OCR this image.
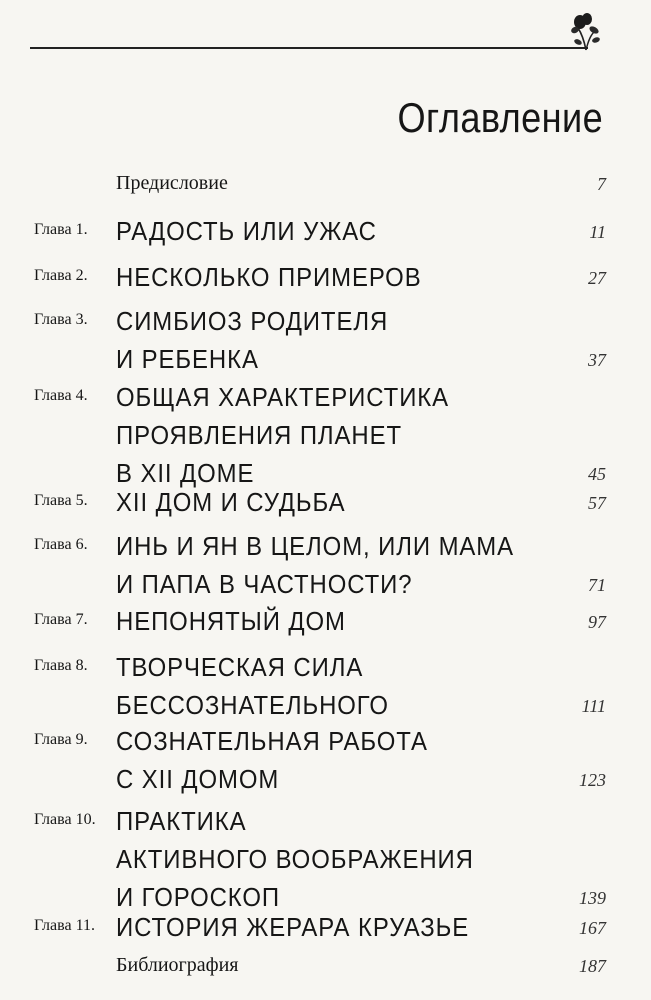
Оглавление
Предисловие	7
Глава 1. РАДОСТЬ ИЛИ УЖАС	11
Глава 2. НЕСКОЛЬКО ПРИМЕРОВ	27
Глава 3. СИМБИОЗ РОДИТЕЛЯ
И РЕБЕНКА	37
Глава 4. ОБЩАЯ ХАРАКТЕРИСТИКА
ПРОЯВЛЕНИЯ ПЛАНЕТ
В XII ДОМЕ	45
Глава 5. XII ДОМ И СУДЬБА	57
Глава 6. ИНЬ И ЯН В ЦЕЛОМ, ИЛИ МАМА
И ПАПА В ЧАСТНОСТИ?	71
Глава 7. НЕПОНЯТЫЙ ДОМ	97
Глава 8. ТВОРЧЕСКАЯ СИЛА
БЕССОЗНАТЕЛЬНОГО	111
Глава 9. СОЗНАТЕЛЬНАЯ РАБОТА
С XII ДОМОМ	123
Глава 10. ПРАКТИКА
АКТИВНОГО ВООБРАЖЕНИЯ
И ГОРОСКОП	139
Глава 11. ИСТОРИЯ ЖЕРАРА КРУАЗЬЕ	167
Библиография	187
